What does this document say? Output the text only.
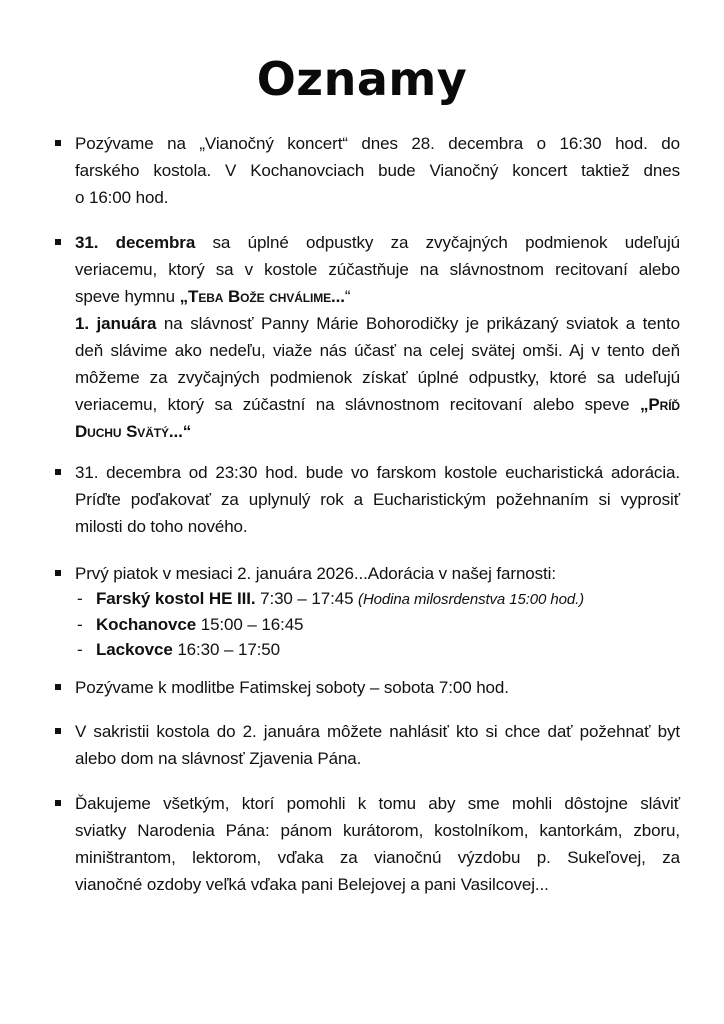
Oznamy
Pozývame na „Vianočný koncert“ dnes 28. decembra o 16:30 hod. do
farského kostola. V Kochanovciach bude Vianočný koncert taktiež dnes
o 16:00 hod.
31. decembra sa úplné odpustky za zvyčajných podmienok udeľujú
veriacemu, ktorý sa v kostole zúčastňuje na slávnostnom recitovaní alebo
speve hymnu „Teba Bože chválime...“
1. januára na slávnosť Panny Márie Bohorodičky je prikázaný sviatok a tento
deň slávime ako nedeľu, viaže nás účasť na celej svätej omši. Aj v tento deň
môžeme za zvyčajných podmienok získať úplné odpustky, ktoré sa udeľujú
veriacemu, ktorý sa zúčastní na slávnostnom recitovaní alebo speve „Príď
Duchu Svätý...“
31. decembra od 23:30 hod. bude vo farskom kostole eucharistická adorácia.
Príďte poďakovať za uplynulý rok a Eucharistickým požehnaním si vyprosiť
milosti do toho nového.
Prvý piatok v mesiaci 2. januára 2026...Adorácia v našej farnosti:
- Farský kostol HE III. 7:30 – 17:45 (Hodina milosrdenstva 15:00 hod.)
- Kochanovce 15:00 – 16:45
- Lackovce 16:30 – 17:50
Pozývame k modlitbe Fatimskej soboty – sobota 7:00 hod.
V sakristii kostola do 2. januára môžete nahlásiť kto si chce dať požehnať byt
alebo dom na slávnosť Zjavenia Pána.
Ďakujeme všetkým, ktorí pomohli k tomu aby sme mohli dôstojne sláviť
sviatky Narodenia Pána: pánom kurátorom, kostolníkom, kantorkám, zboru,
miništrantom, lektorom, vďaka za vianočnú výzdobu p. Sukeľovej, za
vianočné ozdoby veľká vďaka pani Belejovej a pani Vasilcovej...
